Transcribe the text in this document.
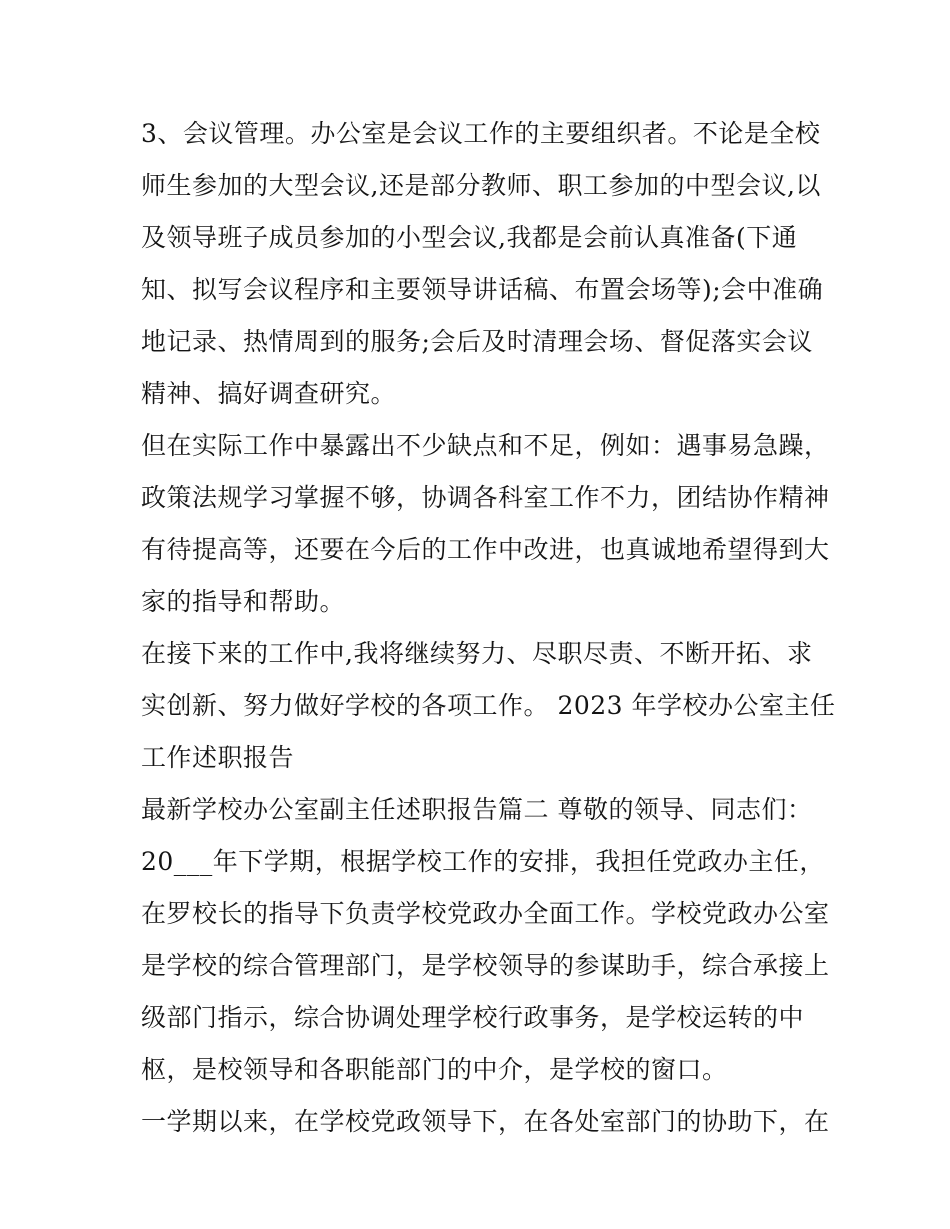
3、会议管理。办公室是会议工作的主要组织者。不论是全校
师生参加的大型会议,还是部分教师、职工参加的中型会议,以
及领导班子成员参加的小型会议,我都是会前认真准备(下通
知、拟写会议程序和主要领导讲话稿、布置会场等);会中准确
地记录、热情周到的服务;会后及时清理会场、督促落实会议
精神、搞好调查研究。
但在实际工作中暴露出不少缺点和不足，例如：遇事易急躁，
政策法规学习掌握不够，协调各科室工作不力，团结协作精神
有待提高等，还要在今后的工作中改进，也真诚地希望得到大
家的指导和帮助。
在接下来的工作中,我将继续努力、尽职尽责、不断开拓、求
实创新、努力做好学校的各项工作。 2023 年学校办公室主任
工作述职报告
最新学校办公室副主任述职报告篇二 尊敬的领导、同志们：
20___年下学期，根据学校工作的安排，我担任党政办主任，
在罗校长的指导下负责学校党政办全面工作。学校党政办公室
是学校的综合管理部门，是学校领导的参谋助手，综合承接上
级部门指示，综合协调处理学校行政事务，是学校运转的中
枢，是校领导和各职能部门的中介，是学校的窗口。
一学期以来，在学校党政领导下，在各处室部门的协助下，在
